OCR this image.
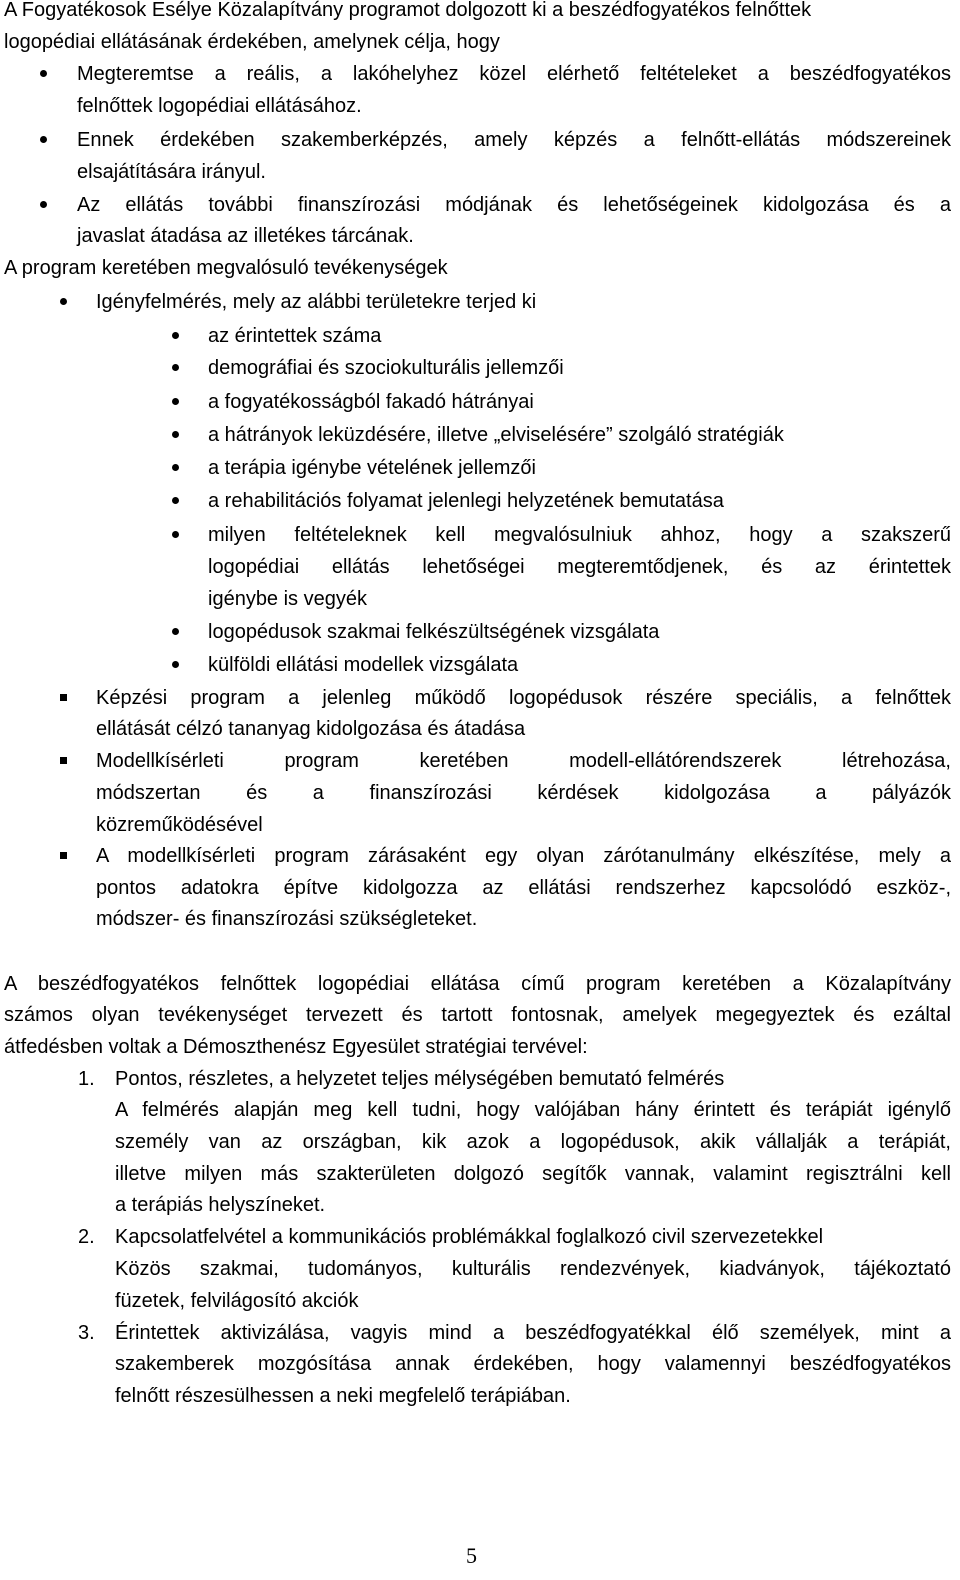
A Fogyatékosok Esélye Közalapítvány programot dolgozott ki a beszédfogyatékos felnőttek
logopédiai ellátásának érdekében, amelynek célja, hogy
Megteremtse a reális, a lakóhelyhez közel elérhető feltételeket a beszédfogyatékos
felnőttek logopédiai ellátásához.
Ennek érdekében szakemberképzés, amely képzés a felnőtt-ellátás módszereinek
elsajátítására irányul.
Az ellátás további finanszírozási módjának és lehetőségeinek kidolgozása és a
javaslat átadása az illetékes tárcának.
A program keretében megvalósuló tevékenységek
Igényfelmérés, mely az alábbi területekre terjed ki
az érintettek száma
demográfiai és szociokulturális jellemzői
a fogyatékosságból fakadó hátrányai
a hátrányok leküzdésére, illetve „elviselésére” szolgáló stratégiák
a terápia igénybe vételének jellemzői
a rehabilitációs folyamat jelenlegi helyzetének bemutatása
milyen feltételeknek kell megvalósulniuk ahhoz, hogy a szakszerű
logopédiai ellátás lehetőségei megteremtődjenek, és az érintettek
igénybe is vegyék
logopédusok szakmai felkészültségének vizsgálata
külföldi ellátási modellek vizsgálata
Képzési program a jelenleg működő logopédusok részére speciális, a felnőttek
ellátását célzó tananyag kidolgozása és átadása
Modellkísérleti program keretében modell-ellátórendszerek létrehozása,
módszertan és a finanszírozási kérdések kidolgozása a pályázók
közreműködésével
A modellkísérleti program zárásaként egy olyan zárótanulmány elkészítése, mely a
pontos adatokra építve kidolgozza az ellátási rendszerhez kapcsolódó eszköz-,
módszer- és finanszírozási szükségleteket.
A beszédfogyatékos felnőttek logopédiai ellátása című program keretében a Közalapítvány
számos olyan tevékenységet tervezett és tartott fontosnak, amelyek megegyeztek és ezáltal
átfedésben voltak a Démoszthenész Egyesület stratégiai tervével:
1. Pontos, részletes, a helyzetet teljes mélységében bemutató felmérés
A felmérés alapján meg kell tudni, hogy valójában hány érintett és terápiát igénylő
személy van az országban, kik azok a logopédusok, akik vállalják a terápiát,
illetve milyen más szakterületen dolgozó segítők vannak, valamint regisztrálni kell
a terápiás helyszíneket.
2. Kapcsolatfelvétel a kommunikációs problémákkal foglalkozó civil szervezetekkel
Közös szakmai, tudományos, kulturális rendezvények, kiadványok, tájékoztató
füzetek, felvilágosító akciók
3. Érintettek aktivizálása, vagyis mind a beszédfogyatékkal élő személyek, mint a
szakemberek mozgósítása annak érdekében, hogy valamennyi beszédfogyatékos
felnőtt részesülhessen a neki megfelelő terápiában.
5
